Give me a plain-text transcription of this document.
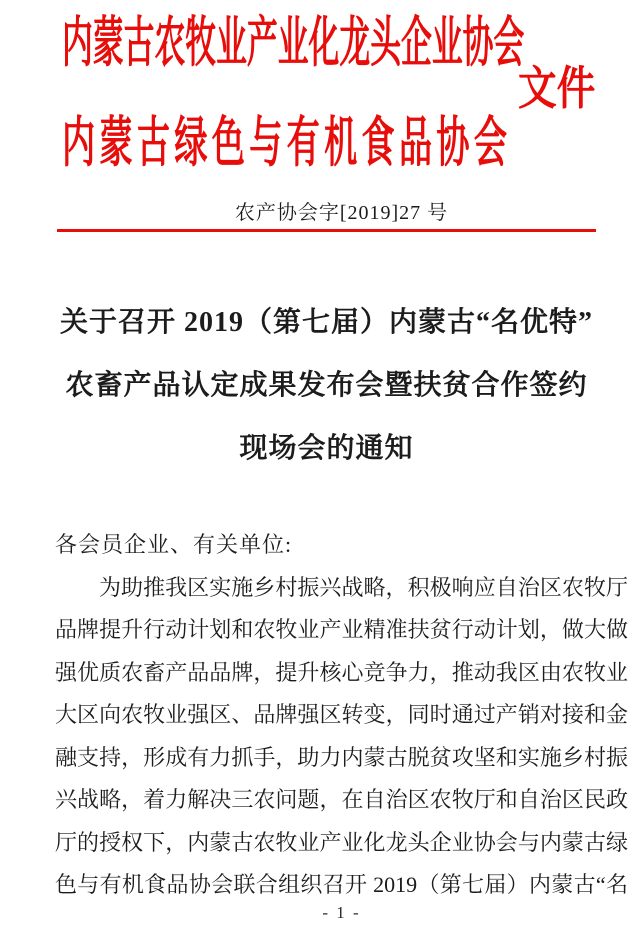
内蒙古农牧业产业化龙头企业协会
文件
内蒙古绿色与有机食品协会
农产协会字[2019]27 号
关于召开 2019（第七届）内蒙古“名优特”
农畜产品认定成果发布会暨扶贫合作签约
现场会的通知
各会员企业、有关单位:
为助推我区实施乡村振兴战略，积极响应自治区农牧厅
品牌提升行动计划和农牧业产业精准扶贫行动计划，做大做
强优质农畜产品品牌，提升核心竞争力，推动我区由农牧业
大区向农牧业强区、品牌强区转变，同时通过产销对接和金
融支持，形成有力抓手，助力内蒙古脱贫攻坚和实施乡村振
兴战略，着力解决三农问题，在自治区农牧厅和自治区民政
厅的授权下，内蒙古农牧业产业化龙头企业协会与内蒙古绿
色与有机食品协会联合组织召开 2019（第七届）内蒙古“名
- 1 -
